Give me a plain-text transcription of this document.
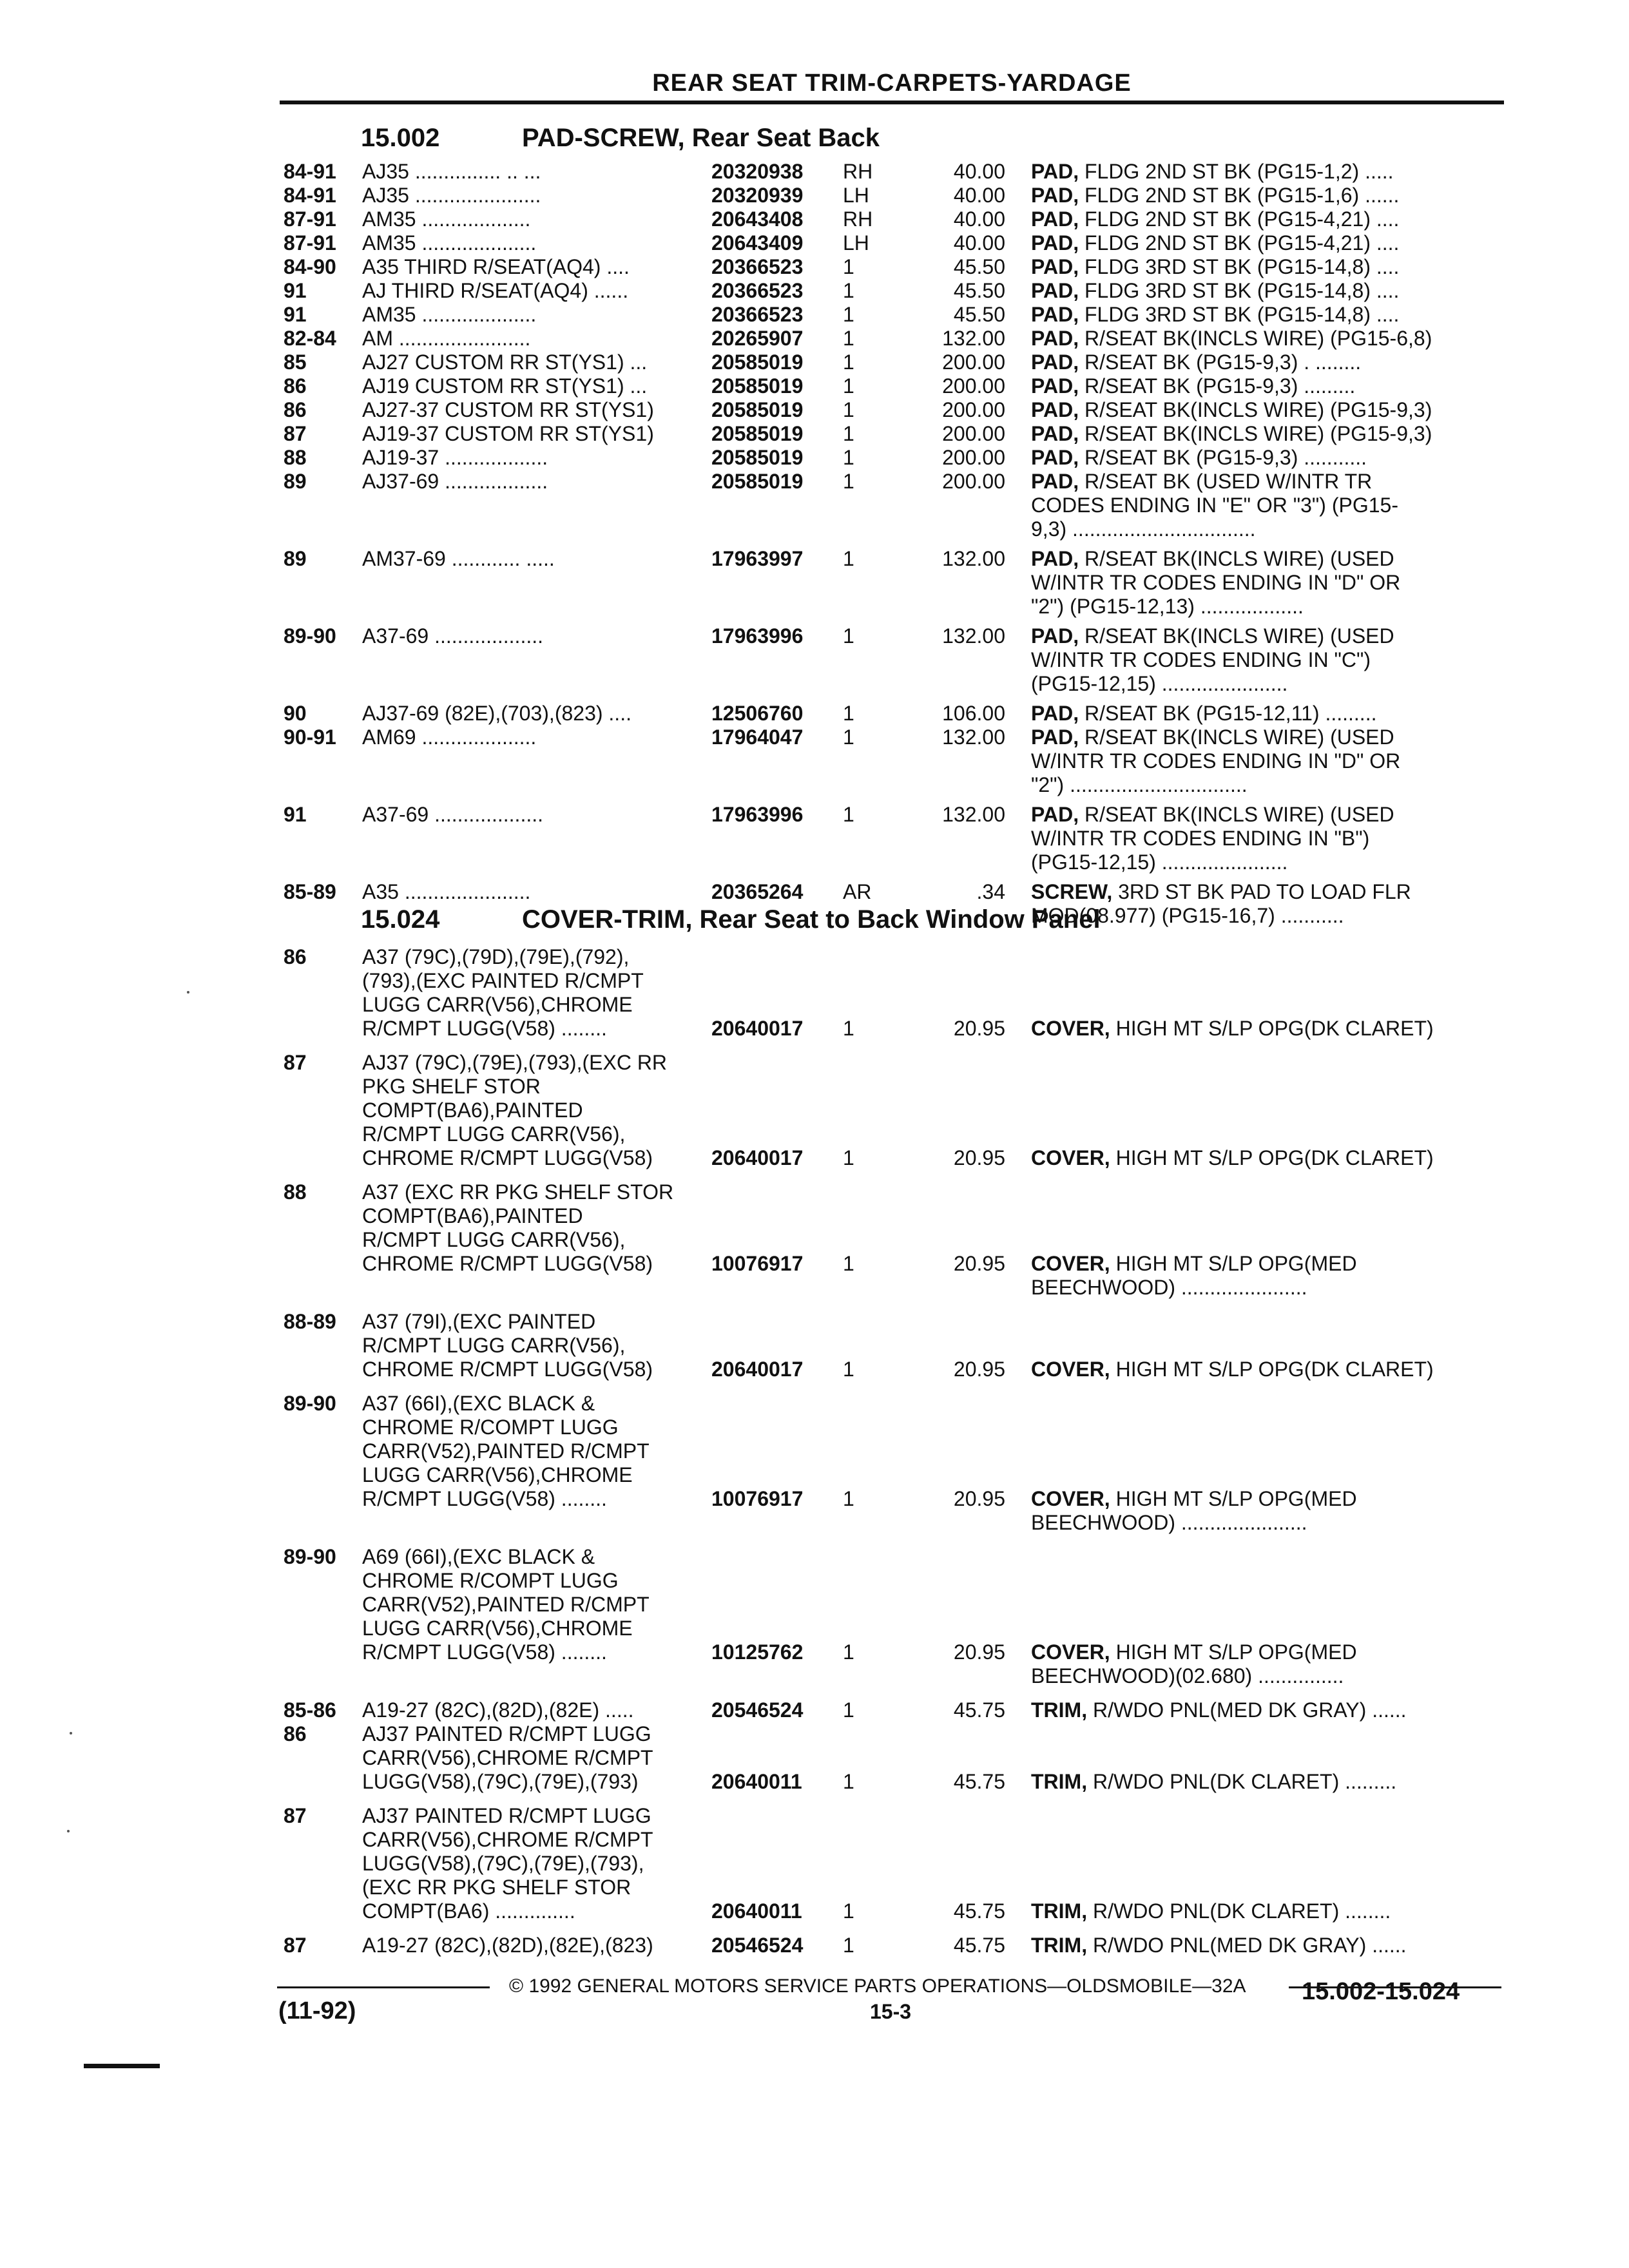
REAR SEAT TRIM-CARPETS-YARDAGE
15.002	PAD-SCREW, Rear Seat Back
84-91 AJ35 ............... .. ...	20320938 RH	40.00 PAD, FLDG 2ND ST BK (PG15-1,2) .....
84-91 AJ35 ......................	20320939 LH	40.00 PAD, FLDG 2ND ST BK (PG15-1,6) ......
87-91 AM35 ...................	20643408 RH	40.00 PAD, FLDG 2ND ST BK (PG15-4,21) ....
87-91 AM35 ....................	20643409 LH	40.00 PAD, FLDG 2ND ST BK (PG15-4,21) ....
84-90 A35 THIRD R/SEAT(AQ4) ....	20366523 1	45.50 PAD, FLDG 3RD ST BK (PG15-14,8) ....
91	AJ THIRD R/SEAT(AQ4) ......	20366523 1	45.50 PAD, FLDG 3RD ST BK (PG15-14,8) ....
91	AM35 ....................	20366523 1	45.50 PAD, FLDG 3RD ST BK (PG15-14,8) ....
82-84 AM .......................	20265907 1	132.00 PAD, R/SEAT BK(INCLS WIRE) (PG15-6,8)
85	AJ27 CUSTOM RR ST(YS1) ...	20585019 1	200.00 PAD, R/SEAT BK (PG15-9,3) . ........
86	AJ19 CUSTOM RR ST(YS1) ...	20585019 1	200.00 PAD, R/SEAT BK (PG15-9,3) .........
86	AJ27-37 CUSTOM RR ST(YS1)	20585019 1	200.00 PAD, R/SEAT BK(INCLS WIRE) (PG15-9,3)
87	AJ19-37 CUSTOM RR ST(YS1)	20585019 1	200.00 PAD, R/SEAT BK(INCLS WIRE) (PG15-9,3)
88	AJ19-37 ..................	20585019 1	200.00 PAD, R/SEAT BK (PG15-9,3) ...........
89	AJ37-69 ..................	20585019 1	200.00 PAD, R/SEAT BK (USED W/INTR TR
CODES ENDING IN "E" OR "3") (PG15-
9,3) ................................
89	AM37-69 ............ .....	17963997 1	132.00 PAD, R/SEAT BK(INCLS WIRE) (USED
W/INTR TR CODES ENDING IN "D" OR
"2") (PG15-12,13) ..................
89-90 A37-69 ...................	17963996 1	132.00 PAD, R/SEAT BK(INCLS WIRE) (USED
W/INTR TR CODES ENDING IN "C")
(PG15-12,15) ......................
90	AJ37-69 (82E),(703),(823) ....	12506760 1	106.00 PAD, R/SEAT BK (PG15-12,11) .........
90-91 AM69 ....................	17964047 1	132.00 PAD, R/SEAT BK(INCLS WIRE) (USED
W/INTR TR CODES ENDING IN "D" OR
"2") ...............................
91	A37-69 ...................	17963996 1	132.00 PAD, R/SEAT BK(INCLS WIRE) (USED
W/INTR TR CODES ENDING IN "B")
(PG15-12,15) ......................
85-89 A35 ......................	20365264 AR	.34 SCREW, 3RD ST BK PAD TO LOAD FLR
MOD(08.977) (PG15-16,7) ...........
15.024	COVER-TRIM, Rear Seat to Back Window Panel
86	A37 (79C),(79D),(79E),(792),
(793),(EXC PAINTED R/CMPT
LUGG CARR(V56),CHROME
R/CMPT LUGG(V58) ........	20640017 1	20.95 COVER, HIGH MT S/LP OPG(DK CLARET)
87	AJ37 (79C),(79E),(793),(EXC RR
PKG SHELF STOR
COMPT(BA6),PAINTED
R/CMPT LUGG CARR(V56),
CHROME R/CMPT LUGG(V58)	20640017 1	20.95 COVER, HIGH MT S/LP OPG(DK CLARET)
88	A37 (EXC RR PKG SHELF STOR
COMPT(BA6),PAINTED
R/CMPT LUGG CARR(V56),
CHROME R/CMPT LUGG(V58)	10076917 1	20.95 COVER, HIGH MT S/LP OPG(MED
BEECHWOOD) ......................
88-89 A37 (79I),(EXC PAINTED
R/CMPT LUGG CARR(V56),
CHROME R/CMPT LUGG(V58)	20640017 1	20.95 COVER, HIGH MT S/LP OPG(DK CLARET)
89-90 A37 (66I),(EXC BLACK &
CHROME R/COMPT LUGG
CARR(V52),PAINTED R/CMPT
LUGG CARR(V56),CHROME
R/CMPT LUGG(V58) ........	10076917 1	20.95 COVER, HIGH MT S/LP OPG(MED
BEECHWOOD) ......................
89-90 A69 (66I),(EXC BLACK &
CHROME R/COMPT LUGG
CARR(V52),PAINTED R/CMPT
LUGG CARR(V56),CHROME
R/CMPT LUGG(V58) ........	10125762 1	20.95 COVER, HIGH MT S/LP OPG(MED
BEECHWOOD)(02.680) ...............
85-86 A19-27 (82C),(82D),(82E) .....	20546524 1	45.75 TRIM, R/WDO PNL(MED DK GRAY) ......
86	AJ37 PAINTED R/CMPT LUGG
CARR(V56),CHROME R/CMPT
LUGG(V58),(79C),(79E),(793)	20640011 1	45.75 TRIM, R/WDO PNL(DK CLARET) .........
87	AJ37 PAINTED R/CMPT LUGG
CARR(V56),CHROME R/CMPT
LUGG(V58),(79C),(79E),(793),
(EXC RR PKG SHELF STOR
COMPT(BA6) ..............	20640011 1	45.75 TRIM, R/WDO PNL(DK CLARET) ........
87	A19-27 (82C),(82D),(82E),(823)	20546524 1	45.75 TRIM, R/WDO PNL(MED DK GRAY) ......
© 1992 GENERAL MOTORS SERVICE PARTS OPERATIONS—OLDSMOBILE—32A
(11-92)	15-3
15.002-15.024
